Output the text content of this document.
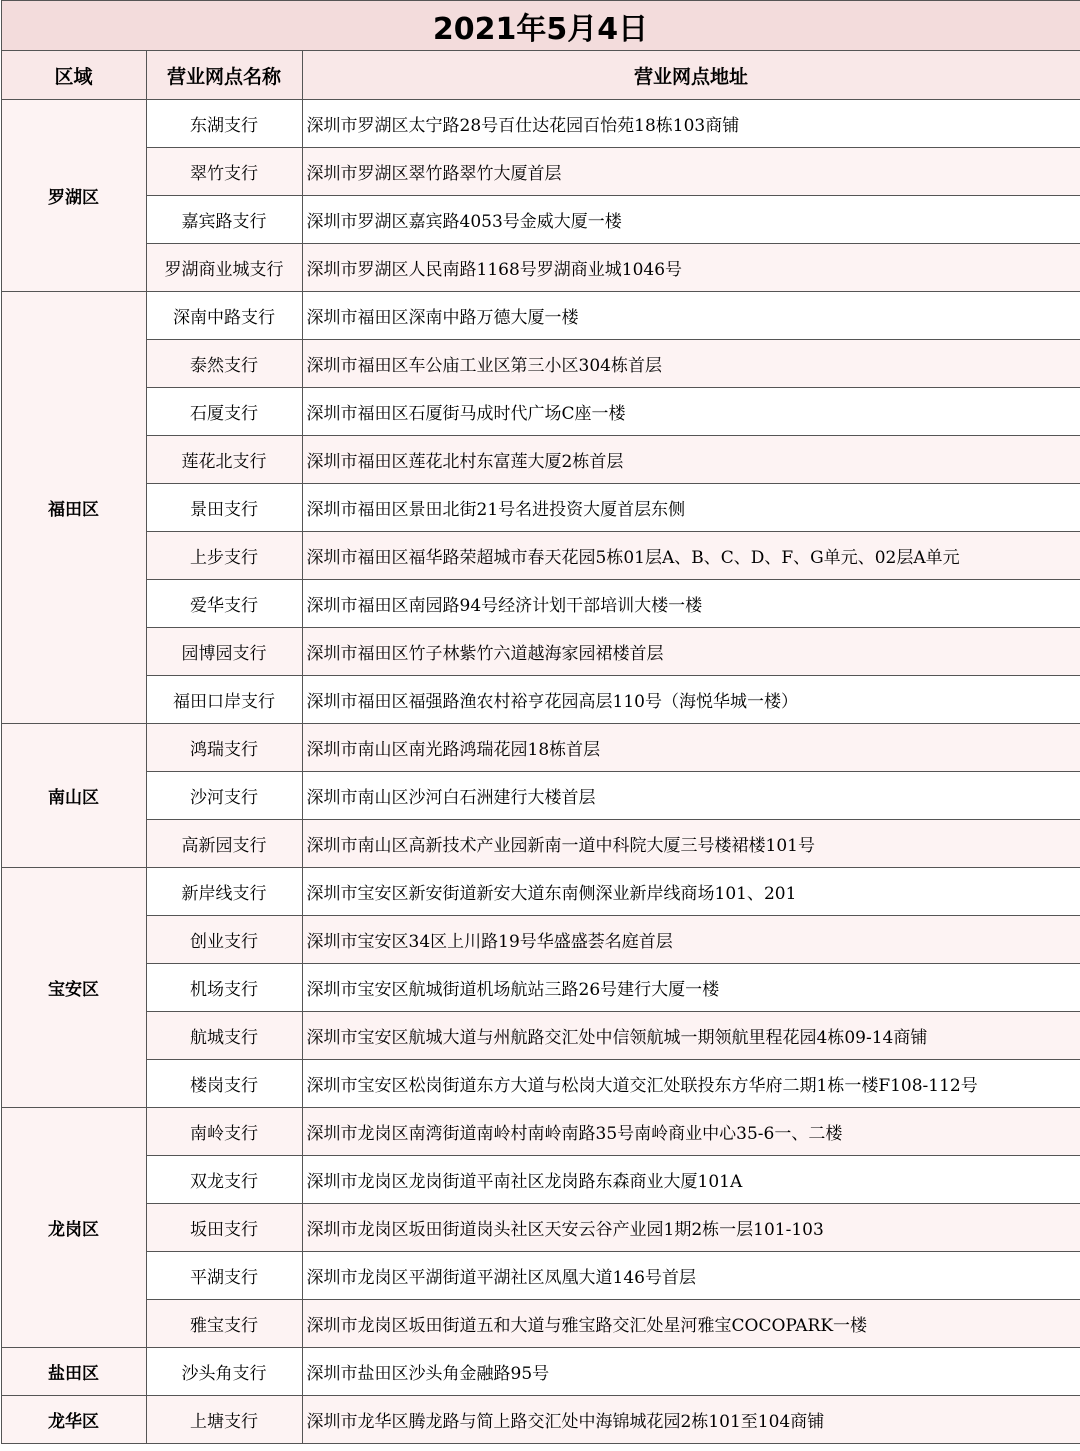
2021年5月4日		
区域	营业网点名称	营业网点地址
罗湖区	东湖支行	深圳市罗湖区太宁路28号百仕达花园百怡苑18栋103商铺
	翠竹支行	深圳市罗湖区翠竹路翠竹大厦首层
	嘉宾路支行	深圳市罗湖区嘉宾路4053号金威大厦一楼
	罗湖商业城支行	深圳市罗湖区人民南路1168号罗湖商业城1046号
福田区	深南中路支行	深圳市福田区深南中路万德大厦一楼
	泰然支行	深圳市福田区车公庙工业区第三小区304栋首层
	石厦支行	深圳市福田区石厦街马成时代广场C座一楼
	莲花北支行	深圳市福田区莲花北村东富莲大厦2栋首层
	景田支行	深圳市福田区景田北街21号名进投资大厦首层东侧
	上步支行	深圳市福田区福华路荣超城市春天花园5栋01层A、B、C、D、F、G单元、02层A单元
	爱华支行	深圳市福田区南园路94号经济计划干部培训大楼一楼
	园博园支行	深圳市福田区竹子林紫竹六道越海家园裙楼首层
	福田口岸支行	深圳市福田区福强路渔农村裕亨花园高层110号（海悦华城一楼）
南山区	鸿瑞支行	深圳市南山区南光路鸿瑞花园18栋首层
	沙河支行	深圳市南山区沙河白石洲建行大楼首层
	高新园支行	深圳市南山区高新技术产业园新南一道中科院大厦三号楼裙楼101号
宝安区	新岸线支行	深圳市宝安区新安街道新安大道东南侧深业新岸线商场101、201
	创业支行	深圳市宝安区34区上川路19号华盛盛荟名庭首层
	机场支行	深圳市宝安区航城街道机场航站三路26号建行大厦一楼
	航城支行	深圳市宝安区航城大道与州航路交汇处中信领航城一期领航里程花园4栋09-14商铺
	楼岗支行	深圳市宝安区松岗街道东方大道与松岗大道交汇处联投东方华府二期1栋一楼F108-112号
龙岗区	南岭支行	深圳市龙岗区南湾街道南岭村南岭南路35号南岭商业中心35-6一、二楼
	双龙支行	深圳市龙岗区龙岗街道平南社区龙岗路东森商业大厦101A
	坂田支行	深圳市龙岗区坂田街道岗头社区天安云谷产业园1期2栋一层101-103
	平湖支行	深圳市龙岗区平湖街道平湖社区凤凰大道146号首层
	雅宝支行	深圳市龙岗区坂田街道五和大道与雅宝路交汇处星河雅宝COCOPARK一楼
盐田区	沙头角支行	深圳市盐田区沙头角金融路95号
龙华区	上塘支行	深圳市龙华区腾龙路与简上路交汇处中海锦城花园2栋101至104商铺
